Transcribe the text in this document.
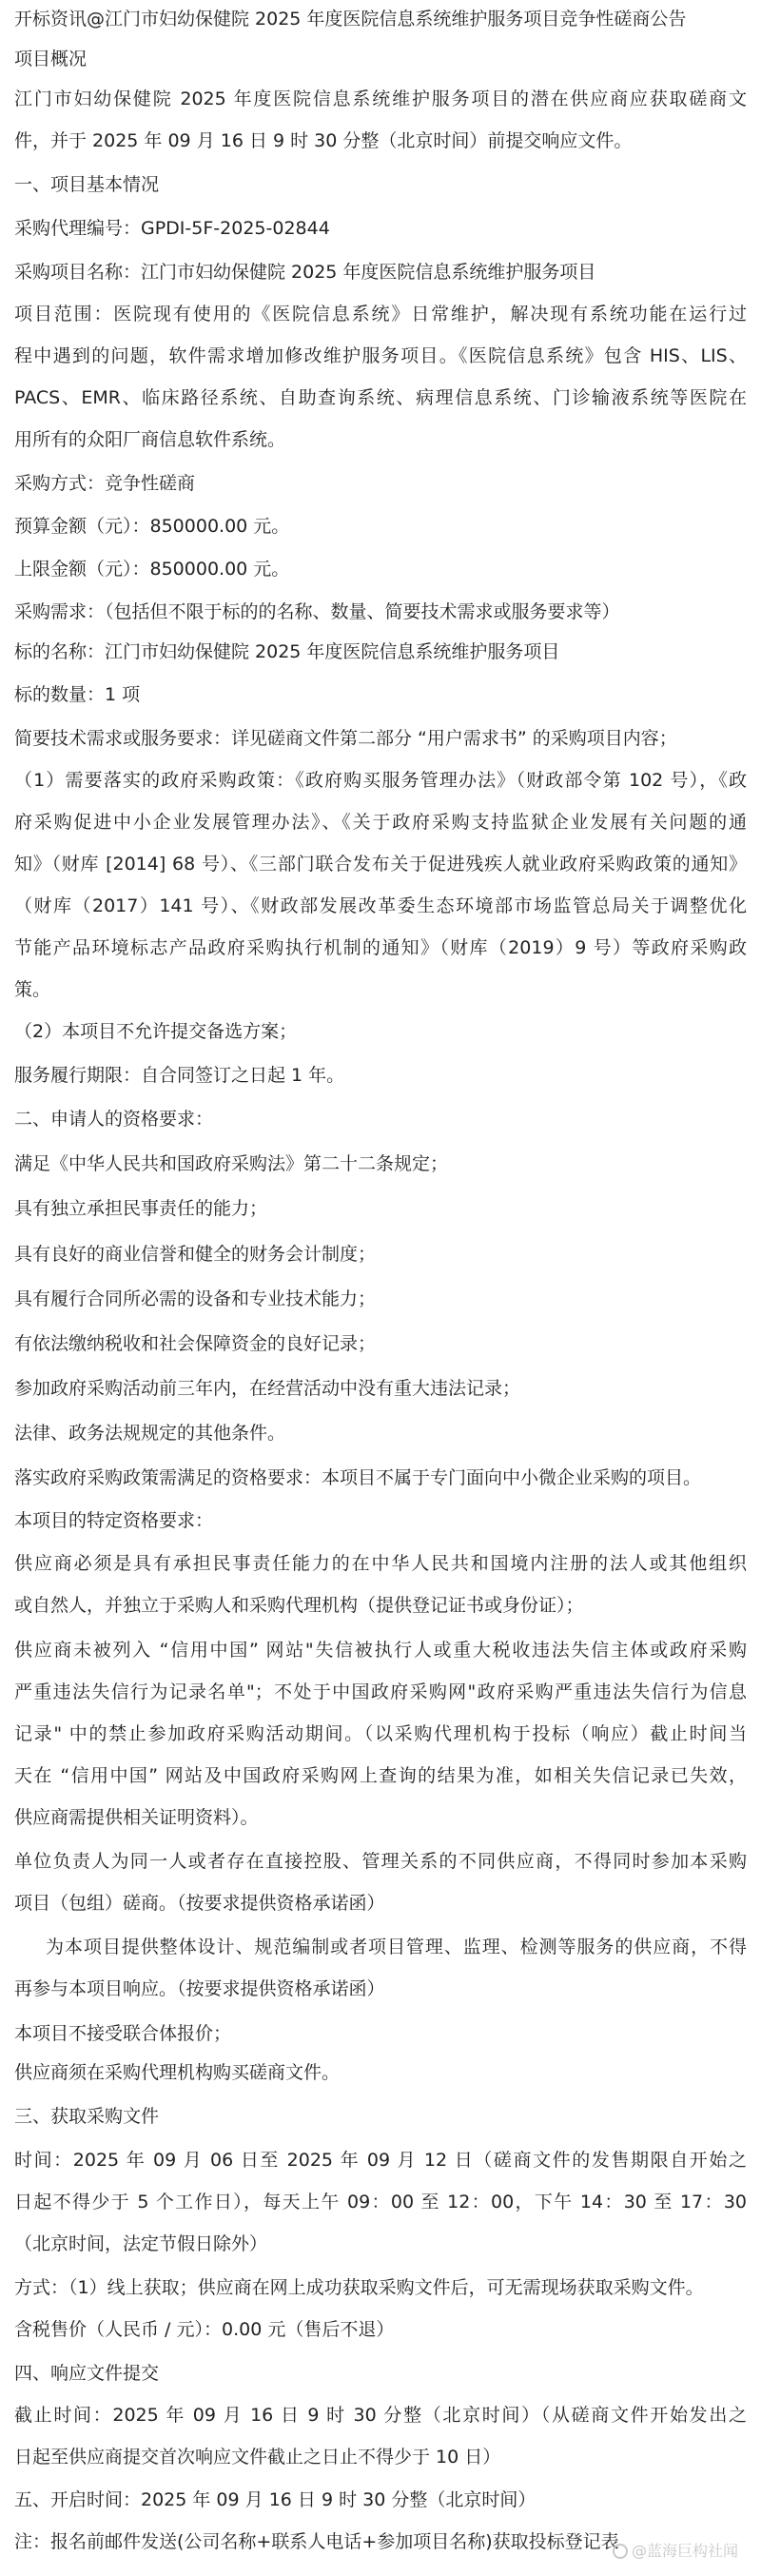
开标资讯@江门市妇幼保健院 2025 年度医院信息系统维护服务项目竞争性磋商公告
项目概况
江门市妇幼保健院 2025 年度医院信息系统维护服务项目的潜在供应商应获取磋商文
件，并于 2025 年 09 月 16 日 9 时 30 分整（北京时间）前提交响应文件。
一、项目基本情况
采购代理编号：GPDI-5F-2025-02844
采购项目名称：江门市妇幼保健院 2025 年度医院信息系统维护服务项目
项目范围：医院现有使用的《医院信息系统》日常维护，解决现有系统功能在运行过
程中遇到的问题，软件需求增加修改维护服务项目。《医院信息系统》包含 HIS、LIS、
PACS、EMR、临床路径系统、自助查询系统、病理信息系统、门诊输液系统等医院在
用所有的众阳厂商信息软件系统。
采购方式：竞争性磋商
预算金额（元）：850000.00 元。
上限金额（元）：850000.00 元。
采购需求：（包括但不限于标的的名称、数量、简要技术需求或服务要求等）
标的名称：江门市妇幼保健院 2025 年度医院信息系统维护服务项目
标的数量：1 项
简要技术需求或服务要求：详见磋商文件第二部分 “用户需求书” 的采购项目内容；
（1）需要落实的政府采购政策：《政府购买服务管理办法》（财政部令第 102 号），《政
府采购促进中小企业发展管理办法》、《关于政府采购支持监狱企业发展有关问题的通
知》（财库 [2014] 68 号）、《三部门联合发布关于促进残疾人就业政府采购政策的通知》
（财库（2017）141 号）、《财政部发展改革委生态环境部市场监管总局关于调整优化
节能产品环境标志产品政府采购执行机制的通知》（财库（2019）9 号）等政府采购政
策。
（2）本项目不允许提交备选方案；
服务履行期限：自合同签订之日起 1 年。
二、申请人的资格要求：
满足《中华人民共和国政府采购法》第二十二条规定；
具有独立承担民事责任的能力；
具有良好的商业信誉和健全的财务会计制度；
具有履行合同所必需的设备和专业技术能力；
有依法缴纳税收和社会保障资金的良好记录；
参加政府采购活动前三年内，在经营活动中没有重大违法记录；
法律、政务法规规定的其他条件。
落实政府采购政策需满足的资格要求：本项目不属于专门面向中小微企业采购的项目。
本项目的特定资格要求：
供应商必须是具有承担民事责任能力的在中华人民共和国境内注册的法人或其他组织
或自然人，并独立于采购人和采购代理机构（提供登记证书或身份证）；
供应商未被列入 “信用中国” 网站"失信被执行人或重大税收违法失信主体或政府采购
严重违法失信行为记录名单"；不处于中国政府采购网"政府采购严重违法失信行为信息
记录" 中的禁止参加政府采购活动期间。（以采购代理机构于投标（响应）截止时间当
天在 “信用中国” 网站及中国政府采购网上查询的结果为准，如相关失信记录已失效，
供应商需提供相关证明资料）。
单位负责人为同一人或者存在直接控股、管理关系的不同供应商，不得同时参加本采购
项目（包组）磋商。（按要求提供资格承诺函）
为本项目提供整体设计、规范编制或者项目管理、监理、检测等服务的供应商，不得
再参与本项目响应。（按要求提供资格承诺函）
本项目不接受联合体报价；
供应商须在采购代理机构购买磋商文件。
三、获取采购文件
时间：2025 年 09 月 06 日至 2025 年 09 月 12 日（磋商文件的发售期限自开始之
日起不得少于 5 个工作日），每天上午 09：00 至 12：00，下午 14：30 至 17：30
（北京时间，法定节假日除外）
方式：（1）线上获取；供应商在网上成功获取采购文件后，可无需现场获取采购文件。
含税售价（人民币 / 元）：0.00 元（售后不退）
四、响应文件提交
截止时间：2025 年 09 月 16 日 9 时 30 分整（北京时间）（从磋商文件开始发出之
日起至供应商提交首次响应文件截止之日止不得少于 10 日）
五、开启时间：2025 年 09 月 16 日 9 时 30 分整（北京时间）
注：报名前邮件发送(公司名称+联系人电话+参加项目名称)获取投标登记表 @蓝海巨构社闻
